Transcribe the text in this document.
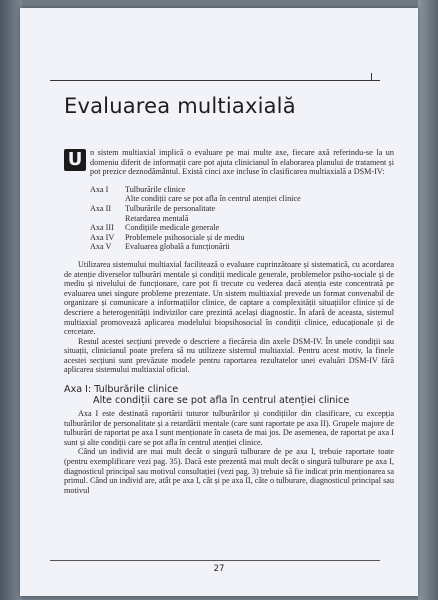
Evaluarea multiaxială

U n sistem multiaxial implică o evaluare pe mai multe axe, fiecare axă referindu-se la un domeniu diferit de informații care pot ajuta clinicianul în elaborarea planului de tratament și pot prezice deznodământul. Există cinci axe incluse în clasificarea multiaxială a DSM-IV:

Axa I	Tulburările clinice
Alte condiții care se pot afla în centrul atenției clinice
Axa II	Tulburările de personalitate
Retardarea mentală
Axa III	Condițiile medicale generale
Axa IV	Problemele psihosociale și de mediu
Axa V	Evaluarea globală a funcționării

Utilizarea sistemului multiaxial facilitează o evaluare cuprinzătoare și sistematică, cu acordarea de atenție diverselor tulburări mentale și condiții medicale generale, problemelor psiho-sociale și de mediu și nivelului de funcționare, care pot fi trecute cu vederea dacă atenția este concentrată pe evaluarea unei singure probleme prezentate. Un sistem multiaxial prevede un format convenabil de organizare și comunicare a informațiilor clinice, de captare a complexității situațiilor clinice și de descriere a heterogenității indivizilor care prezintă același diagnostic. În afară de aceasta, sistemul multiaxial promovează aplicarea modelului biopsihosocial în condiții clinice, educaționale și de cercetare.

Restul acestei secțiuni prevede o descriere a fiecăreia din axele DSM-IV. În unele condiții sau situații, clinicianul poate prefera să nu utilizeze sistemul multiaxial. Pentru acest motiv, la finele acestei secțiuni sunt prevăzute modele pentru raportarea rezultatelor unei evaluări DSM-IV fără aplicarea sistemului multiaxial oficial.

Axa I: Tulburările clinice
Alte condiții care se pot afla în centrul atenției clinice

Axa I este destinată raportării tuturor tulburărilor și condițiilor din clasificare, cu excepția tulburărilor de personalitate și a retardării mentale (care sunt raportate pe axa II). Grupele majore de tulburări de raportat pe axa I sunt menționate în caseta de mai jos. De asemenea, de raportat pe axa I sunt și alte condiții care se pot afla în centrul atenției clinice.

Când un individ are mai mult decât o singură tulburare de pe axa I, trebuie raportate toate (pentru exemplificare vezi pag. 35). Dacă este prezentă mai mult decât o singură tulburare pe axa I, diagnosticul principal sau motivul consultației (vezi pag. 3) trebuie să fie indicat prin menționarea sa primul. Când un individ are, atât pe axa I, cât și pe axa II, câte o tulburare, diagnosticul principal sau motivul

27
